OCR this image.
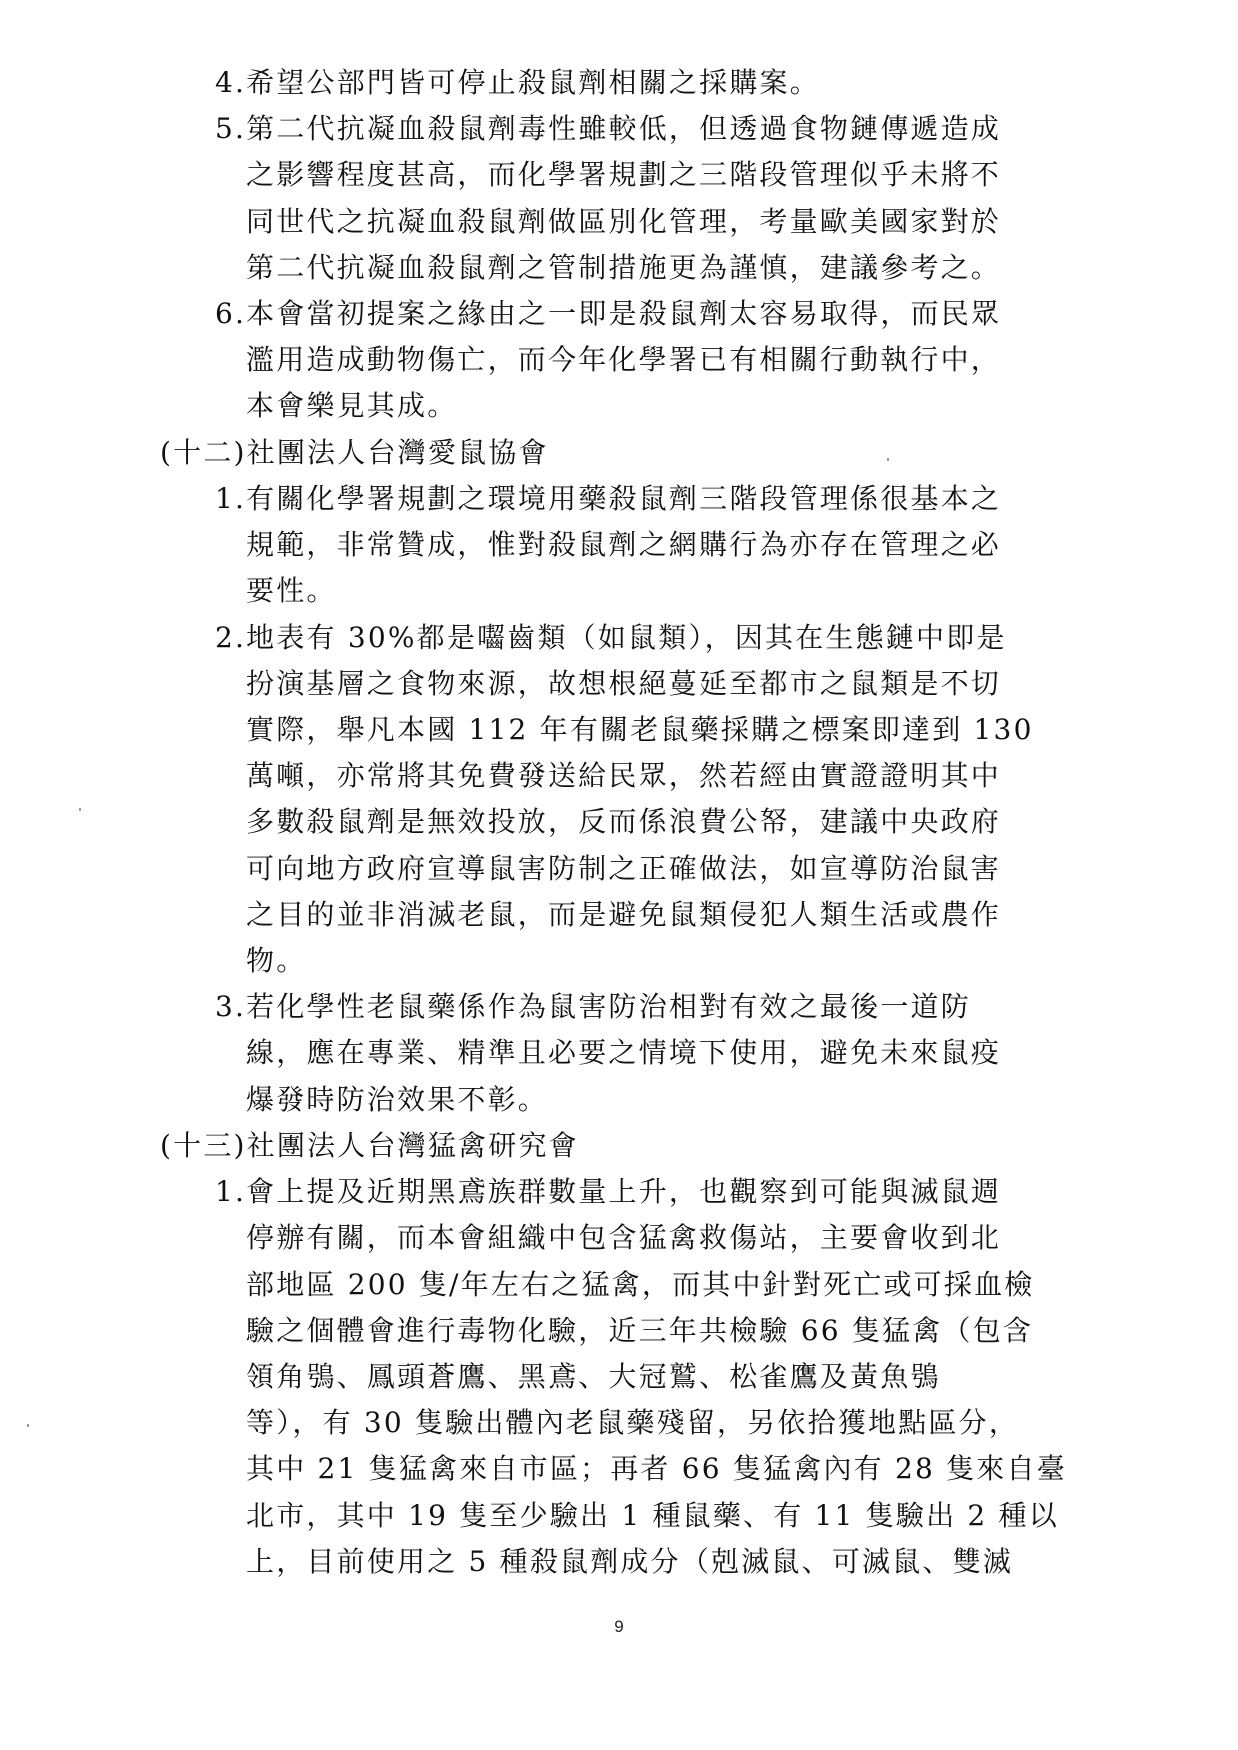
4.希望公部門皆可停止殺鼠劑相關之採購案。
5.第二代抗凝血殺鼠劑毒性雖較低，但透過食物鏈傳遞造成
之影響程度甚高，而化學署規劃之三階段管理似乎未將不
同世代之抗凝血殺鼠劑做區別化管理，考量歐美國家對於
第二代抗凝血殺鼠劑之管制措施更為謹慎，建議參考之。
6.本會當初提案之緣由之一即是殺鼠劑太容易取得，而民眾
濫用造成動物傷亡，而今年化學署已有相關行動執行中，
本會樂見其成。
(十二)社團法人台灣愛鼠協會
1.有關化學署規劃之環境用藥殺鼠劑三階段管理係很基本之
規範，非常贊成，惟對殺鼠劑之網購行為亦存在管理之必
要性。
2.地表有 30%都是囓齒類（如鼠類），因其在生態鏈中即是
扮演基層之食物來源，故想根絕蔓延至都市之鼠類是不切
實際，舉凡本國 112 年有關老鼠藥採購之標案即達到 130
萬噸，亦常將其免費發送給民眾，然若經由實證證明其中
多數殺鼠劑是無效投放，反而係浪費公帑，建議中央政府
可向地方政府宣導鼠害防制之正確做法，如宣導防治鼠害
之目的並非消滅老鼠，而是避免鼠類侵犯人類生活或農作
物。
3.若化學性老鼠藥係作為鼠害防治相對有效之最後一道防
線，應在專業、精準且必要之情境下使用，避免未來鼠疫
爆發時防治效果不彰。
(十三)社團法人台灣猛禽研究會
1.會上提及近期黑鳶族群數量上升，也觀察到可能與滅鼠週
停辦有關，而本會組織中包含猛禽救傷站，主要會收到北
部地區 200 隻/年左右之猛禽，而其中針對死亡或可採血檢
驗之個體會進行毒物化驗，近三年共檢驗 66 隻猛禽（包含
領角鴞、鳳頭蒼鷹、黑鳶、大冠鷲、松雀鷹及黃魚鴞
等），有 30 隻驗出體內老鼠藥殘留，另依拾獲地點區分，
其中 21 隻猛禽來自市區；再者 66 隻猛禽內有 28 隻來自臺
北市，其中 19 隻至少驗出 1 種鼠藥、有 11 隻驗出 2 種以
上，目前使用之 5 種殺鼠劑成分（剋滅鼠、可滅鼠、雙滅
9
